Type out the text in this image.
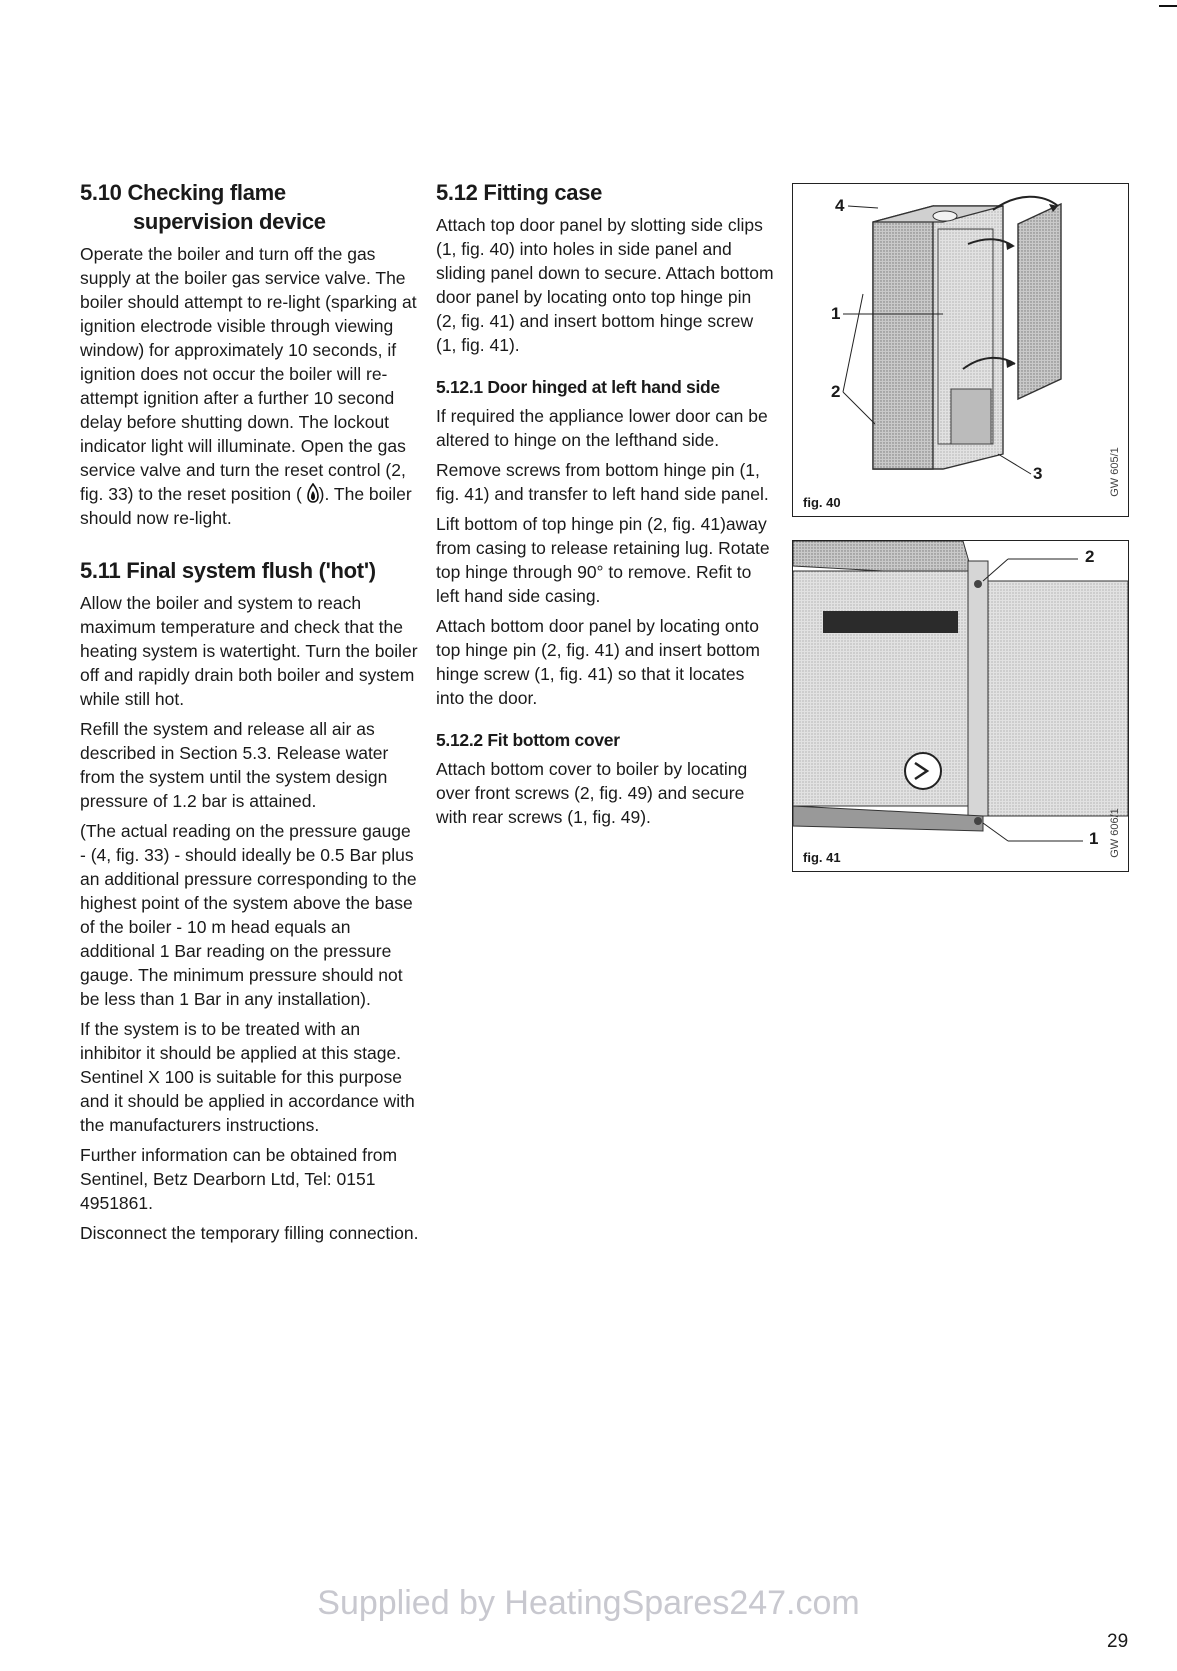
5.10 Checking flame
supervision device

Operate the boiler and turn off the gas supply at the boiler gas service valve. The boiler should attempt to re-light (sparking at ignition electrode visible through viewing window) for approximately 10 seconds, if ignition does not occur the boiler will re-attempt ignition after a further 10 second delay before shutting down. The lockout indicator light will illuminate. Open the gas service valve and turn the reset control (2, fig. 33) to the reset position ( ). The boiler should now re-light.

5.11 Final system flush ('hot')

Allow the boiler and system to reach maximum temperature and check that the heating system is watertight. Turn the boiler off and rapidly drain both boiler and system while still hot.

Refill the system and release all air as described in Section 5.3. Release water from the system until the system design pressure of 1.2 bar is attained.

(The actual reading on the pressure gauge - (4, fig. 33) - should ideally be 0.5 Bar plus an additional pressure corresponding to the highest point of the system above the base of the boiler - 10 m head equals an additional 1 Bar reading on the pressure gauge. The minimum pressure should not be less than 1 Bar in any installation).

If the system is to be treated with an inhibitor it should be applied at this stage. Sentinel X 100 is suitable for this purpose and it should be applied in accordance with the manufacturers instructions.

Further information can be obtained from Sentinel, Betz Dearborn Ltd, Tel: 0151 4951861.

Disconnect the temporary filling connection.

5.12 Fitting case

Attach top door panel by slotting side clips (1, fig. 40) into holes in side panel and sliding panel down to secure. Attach bottom door panel by locating onto top hinge pin (2, fig. 41) and insert bottom hinge screw (1, fig. 41).

5.12.1 Door hinged at left hand side

If required the appliance lower door can be altered to hinge on the lefthand side.

Remove screws from bottom hinge pin (1, fig. 41) and transfer to left hand side panel.

Lift bottom of top hinge pin (2, fig. 41)away from casing to release retaining lug. Rotate top hinge through 90° to remove. Refit to left hand side casing.

Attach bottom door panel by locating onto top hinge pin (2, fig. 41) and insert bottom hinge screw (1, fig. 41) so that it locates into the door.

5.12.2 Fit bottom cover

Attach bottom cover to boiler by locating over front screws (2, fig. 49) and secure with rear screws (1, fig. 49).

4
1
2
3
fig. 40
GW 605/1
2
1
fig. 41	GW 606/1
Supplied by HeatingSpares247.com
29
